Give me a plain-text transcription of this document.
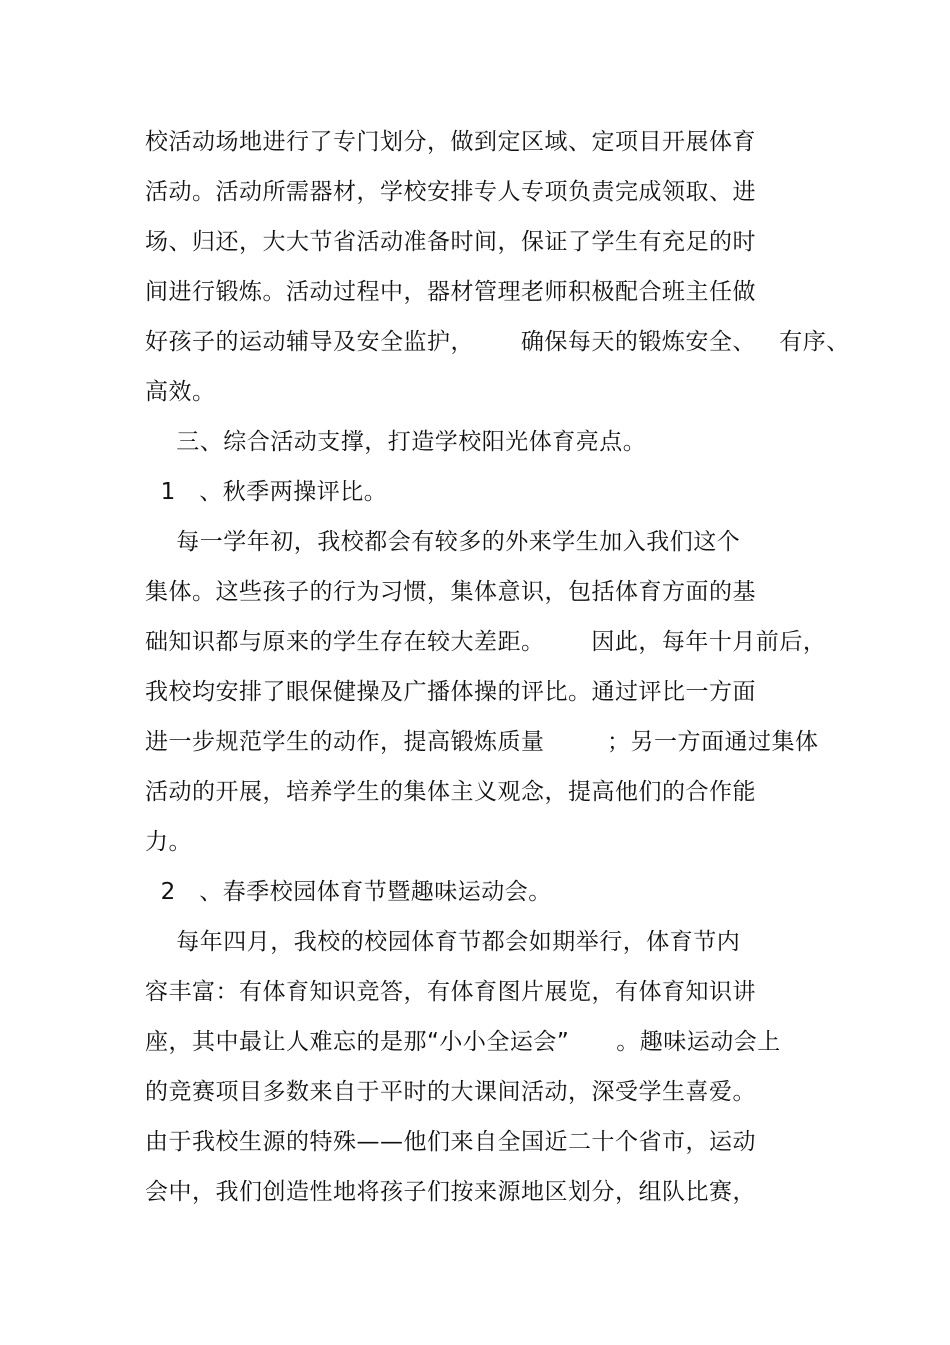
校活动场地进行了专门划分，做到定区域、定项目开展体育
活动。活动所需器材，学校安排专人专项负责完成领取、进
场、归还，大大节省活动准备时间，保证了学生有充足的时
间进行锻炼。活动过程中，器材管理老师积极配合班主任做
好孩子的运动辅导及安全监护，      确保每天的锻炼安全、   有序、
高效。
三、综合活动支撑，打造学校阳光体育亮点。
1   、秋季两操评比。
每一学年初，我校都会有较多的外来学生加入我们这个
集体。这些孩子的行为习惯，集体意识，包括体育方面的基
础知识都与原来的学生存在较大差距。      因此，每年十月前后，
我校均安排了眼保健操及广播体操的评比。通过评比一方面
进一步规范学生的动作，提高锻炼质量        ；另一方面通过集体
活动的开展，培养学生的集体主义观念，提高他们的合作能
力。
2   、春季校园体育节暨趣味运动会。
每年四月，我校的校园体育节都会如期举行，体育节内
容丰富：有体育知识竞答，有体育图片展览，有体育知识讲
座，其中最让人难忘的是那“小小全运会”      。趣味运动会上
的竞赛项目多数来自于平时的大课间活动，深受学生喜爱。
由于我校生源的特殊——他们来自全国近二十个省市，运动
会中，我们创造性地将孩子们按来源地区划分，组队比赛，
